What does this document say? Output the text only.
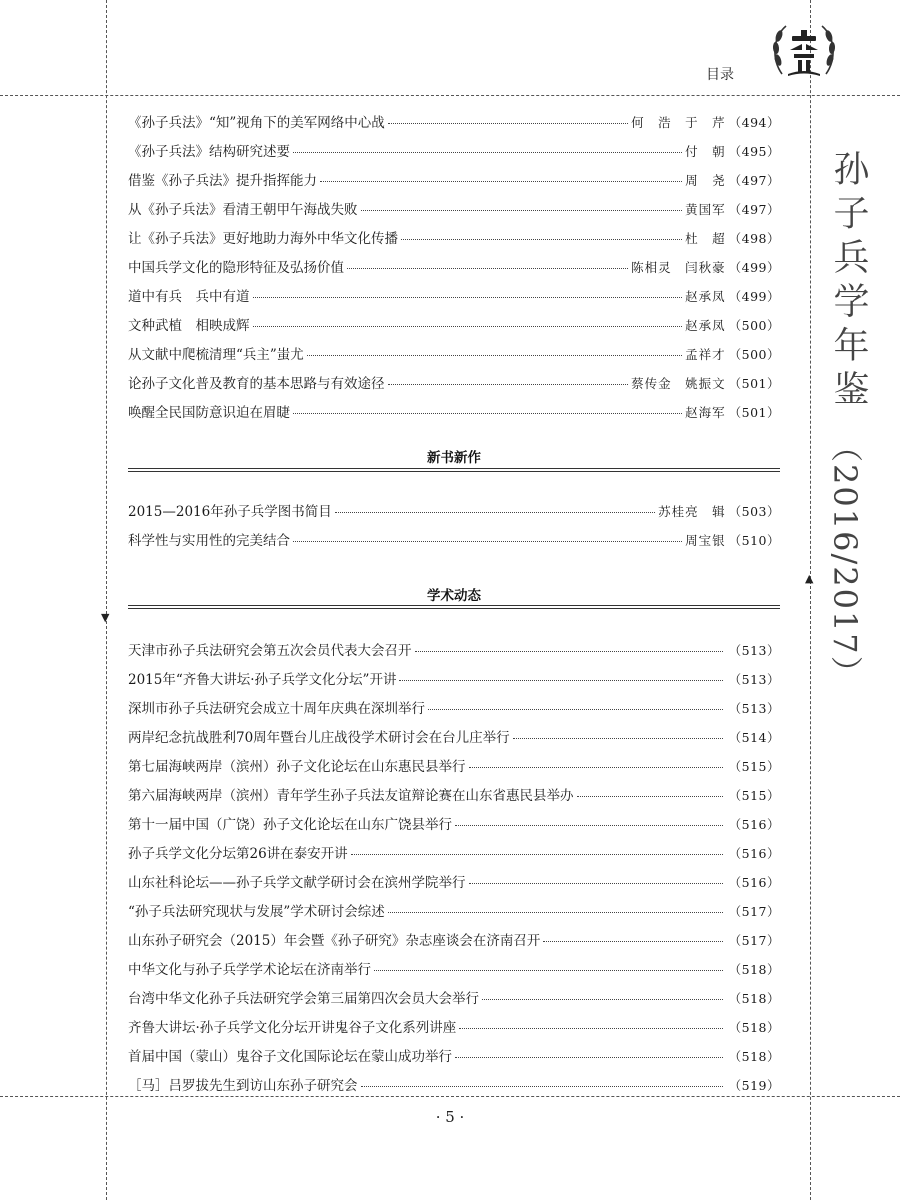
▼
▲
目录
孙子兵学年鉴
（2016/2017）
《孙子兵法》“知”视角下的美军网络中心战	何　浩　于　芹 （494）
《孙子兵法》结构研究述要	付　朝 （495）
借鉴《孙子兵法》提升指挥能力	周　尧 （497）
从《孙子兵法》看清王朝甲午海战失败	黄国军 （497）
让《孙子兵法》更好地助力海外中华文化传播	杜　超 （498）
中国兵学文化的隐形特征及弘扬价值	陈相灵　闫秋豪 （499）
道中有兵　兵中有道	赵承凤 （499）
文种武植　相映成辉	赵承凤 （500）
从文献中爬梳清理“兵主”蚩尤	孟祥才 （500）
论孙子文化普及教育的基本思路与有效途径	蔡传金　姚振文 （501）
唤醒全民国防意识迫在眉睫	赵海军 （501）
新书新作
2015—2016年孙子兵学图书简目	苏桂亮　辑 （503）
科学性与实用性的完美结合	周宝银 （510）
学术动态
天津市孙子兵法研究会第五次会员代表大会召开	（513）
2015年“齐鲁大讲坛·孙子兵学文化分坛”开讲	（513）
深圳市孙子兵法研究会成立十周年庆典在深圳举行	（513）
两岸纪念抗战胜利70周年暨台儿庄战役学术研讨会在台儿庄举行	（514）
第七届海峡两岸（滨州）孙子文化论坛在山东惠民县举行	（515）
第六届海峡两岸（滨州）青年学生孙子兵法友谊辩论赛在山东省惠民县举办	（515）
第十一届中国（广饶）孙子文化论坛在山东广饶县举行	（516）
孙子兵学文化分坛第26讲在泰安开讲	（516）
山东社科论坛——孙子兵学文献学研讨会在滨州学院举行	（516）
“孙子兵法研究现状与发展”学术研讨会综述	（517）
山东孙子研究会（2015）年会暨《孙子研究》杂志座谈会在济南召开	（517）
中华文化与孙子兵学学术论坛在济南举行	（518）
台湾中华文化孙子兵法研究学会第三届第四次会员大会举行	（518）
齐鲁大讲坛·孙子兵学文化分坛开讲鬼谷子文化系列讲座	（518）
首届中国（蒙山）鬼谷子文化国际论坛在蒙山成功举行	（518）
［马］吕罗拔先生到访山东孙子研究会	（519）
· 5 ·
